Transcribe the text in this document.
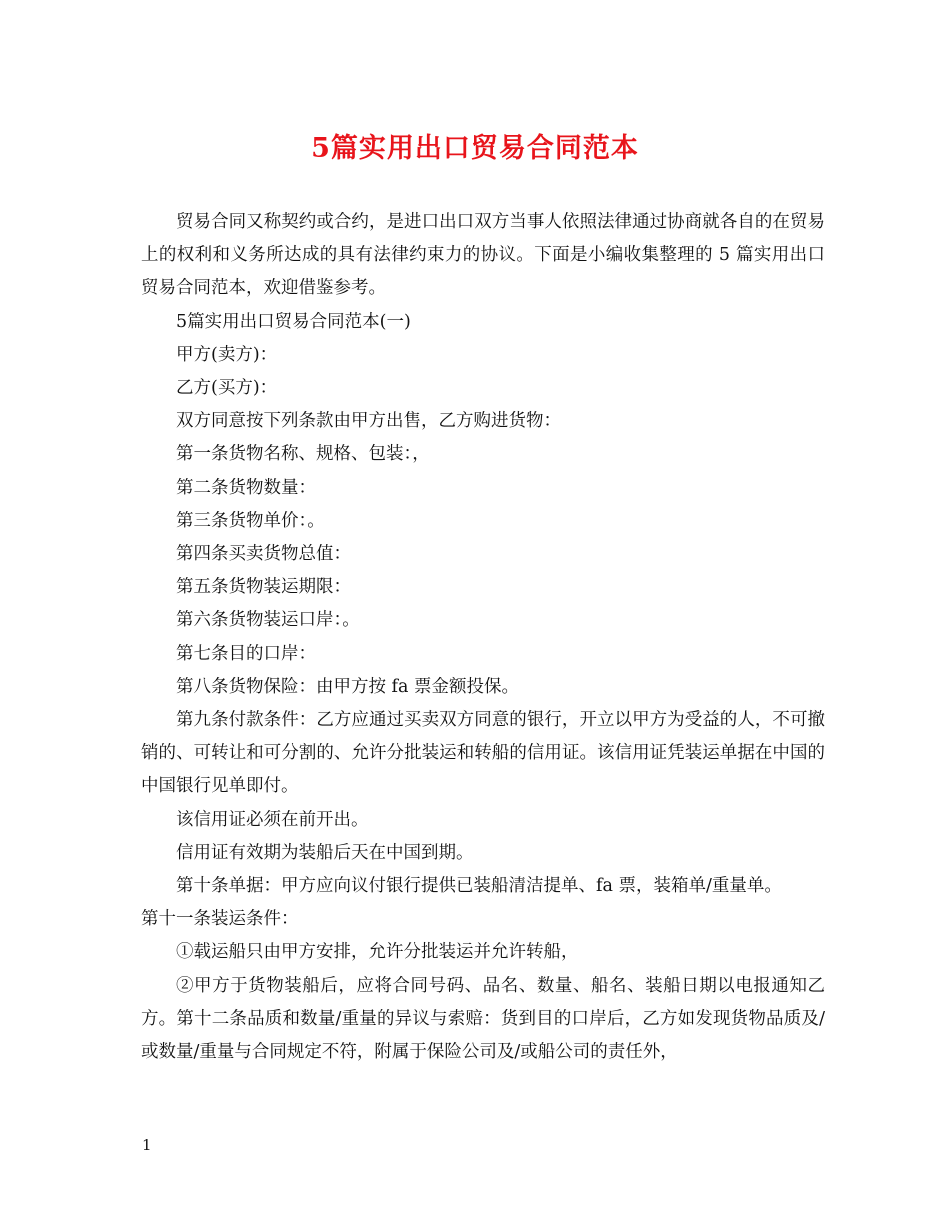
5篇实用出口贸易合同范本

贸易合同又称契约或合约，是进口出口双方当事人依照法律通过协商就各自的在贸易上的权利和义务所达成的具有法律约束力的协议。下面是小编收集整理的 5 篇实用出口贸易合同范本，欢迎借鉴参考。

5篇实用出口贸易合同范本(一)

甲方(卖方)：

乙方(买方)：

双方同意按下列条款由甲方出售，乙方购进货物：

第一条货物名称、规格、包装：，

第二条货物数量：

第三条货物单价：。

第四条买卖货物总值：

第五条货物装运期限：

第六条货物装运口岸：。

第七条目的口岸：

第八条货物保险：由甲方按 fa 票金额投保。

第九条付款条件：乙方应通过买卖双方同意的银行，开立以甲方为受益的人，不可撤销的、可转让和可分割的、允许分批装运和转船的信用证。该信用证凭装运单据在中国的中国银行见单即付。

该信用证必须在前开出。

信用证有效期为装船后天在中国到期。

第十条单据：甲方应向议付银行提供已装船清洁提单、fa 票，装箱单/重量单。

第十一条装运条件：

①载运船只由甲方安排，允许分批装运并允许转船，

②甲方于货物装船后，应将合同号码、品名、数量、船名、装船日期以电报通知乙方。第十二条品质和数量/重量的异议与索赔：货到目的口岸后，乙方如发现货物品质及/或数量/重量与合同规定不符，附属于保险公司及/或船公司的责任外，

1
